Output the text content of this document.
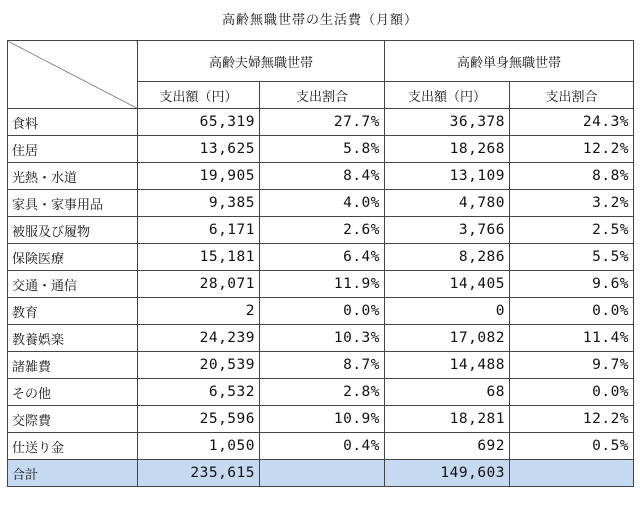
高齢無職世帯の生活費（月額）
	高齢夫婦無職世帯		高齢単身無職世帯	
	支出額（円）	支出割合	支出額（円）	支出割合
食料	65,319	27.7%	36,378	24.3%
住居	13,625	5.8%	18,268	12.2%
光熱・水道	19,905	8.4%	13,109	8.8%
家具・家事用品	9,385	4.0%	4,780	3.2%
被服及び履物	6,171	2.6%	3,766	2.5%
保険医療	15,181	6.4%	8,286	5.5%
交通・通信	28,071	11.9%	14,405	9.6%
教育	2	0.0%	0	0.0%
教養娯楽	24,239	10.3%	17,082	11.4%
諸雑費	20,539	8.7%	14,488	9.7%
その他	6,532	2.8%	68	0.0%
交際費	25,596	10.9%	18,281	12.2%
仕送り金	1,050	0.4%	692	0.5%
合計	235,615		149,603	
